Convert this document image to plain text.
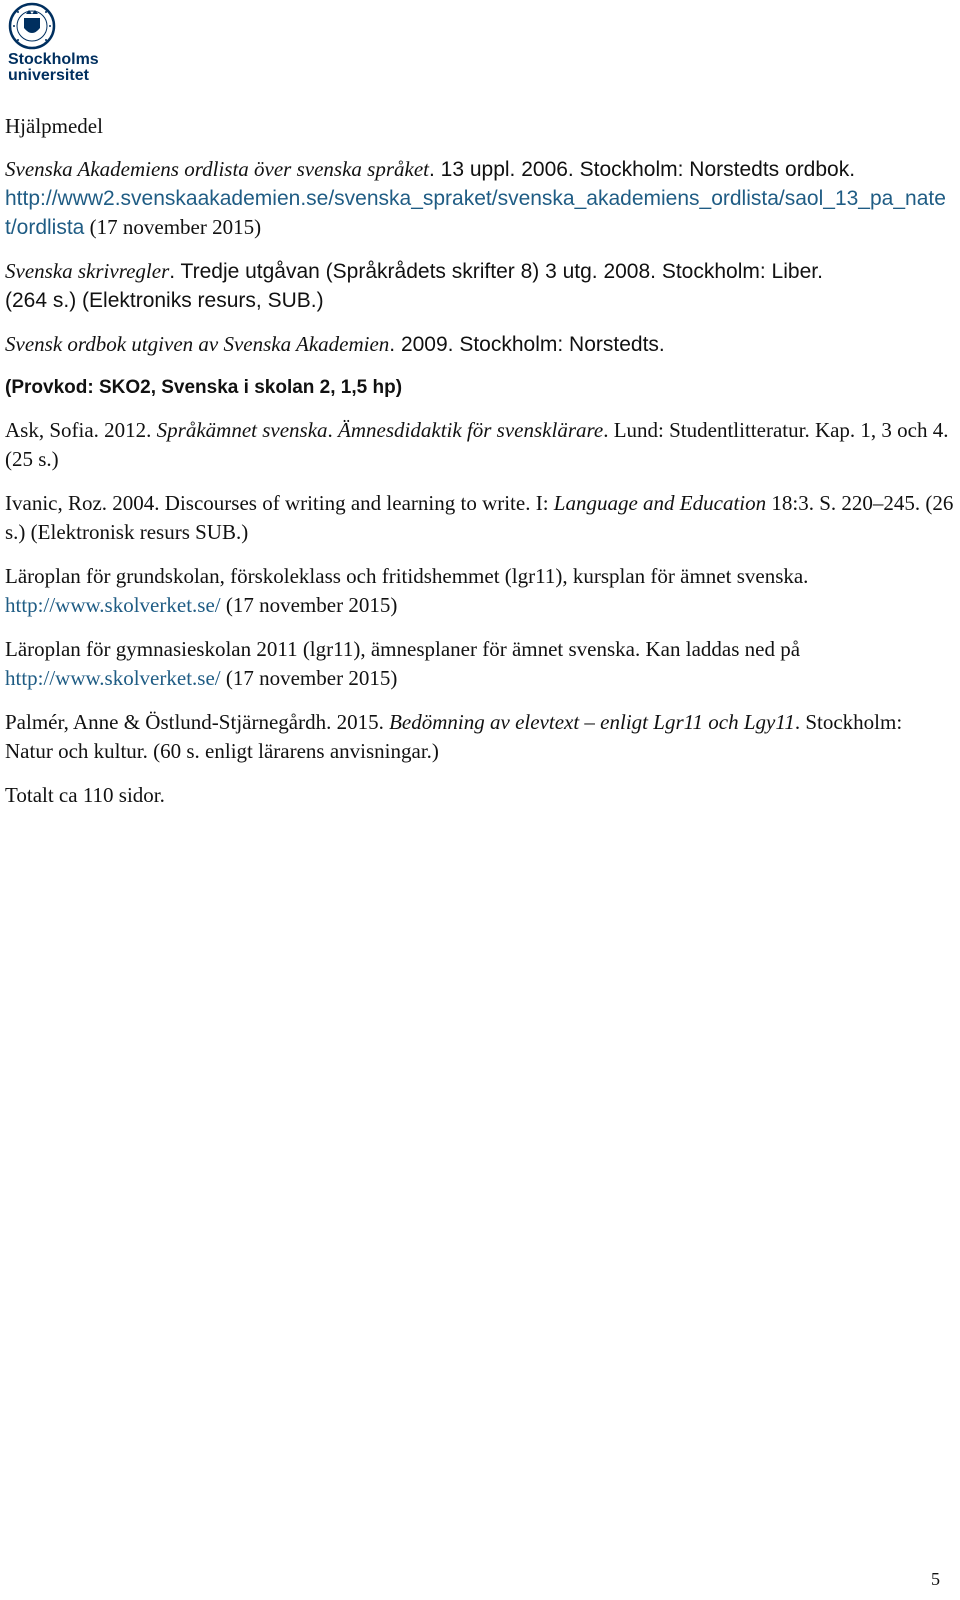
Stockholms
universitet

Hjälpmedel

Svenska Akademiens ordlista över svenska språket. 13 uppl. 2006. Stockholm: Norstedts ordbok.
http://www2.svenskaakademien.se/svenska_spraket/svenska_akademiens_ordlista/saol_13_pa_natet/ordlista (17 november 2015)

Svenska skrivregler. Tredje utgåvan (Språkrådets skrifter 8) 3 utg. 2008. Stockholm: Liber.
(264 s.) (Elektroniks resurs, SUB.)

Svensk ordbok utgiven av Svenska Akademien. 2009. Stockholm: Norstedts.

(Provkod: SKO2, Svenska i skolan 2, 1,5 hp)

Ask, Sofia. 2012. Språkämnet svenska. Ämnesdidaktik för svensklärare. Lund: Studentlitteratur. Kap. 1, 3 och 4. (25 s.)

Ivanic, Roz. 2004. Discourses of writing and learning to write. I: Language and Education 18:3. S. 220–245. (26 s.) (Elektronisk resurs SUB.)

Läroplan för grundskolan, förskoleklass och fritidshemmet (lgr11), kursplan för ämnet svenska. http://www.skolverket.se/ (17 november 2015)

Läroplan för gymnasieskolan 2011 (lgr11), ämnesplaner för ämnet svenska. Kan laddas ned på http://www.skolverket.se/ (17 november 2015)

Palmér, Anne & Östlund-Stjärnegårdh. 2015. Bedömning av elevtext – enligt Lgr11 och Lgy11. Stockholm: Natur och kultur. (60 s. enligt lärarens anvisningar.)

Totalt ca 110 sidor.

5
